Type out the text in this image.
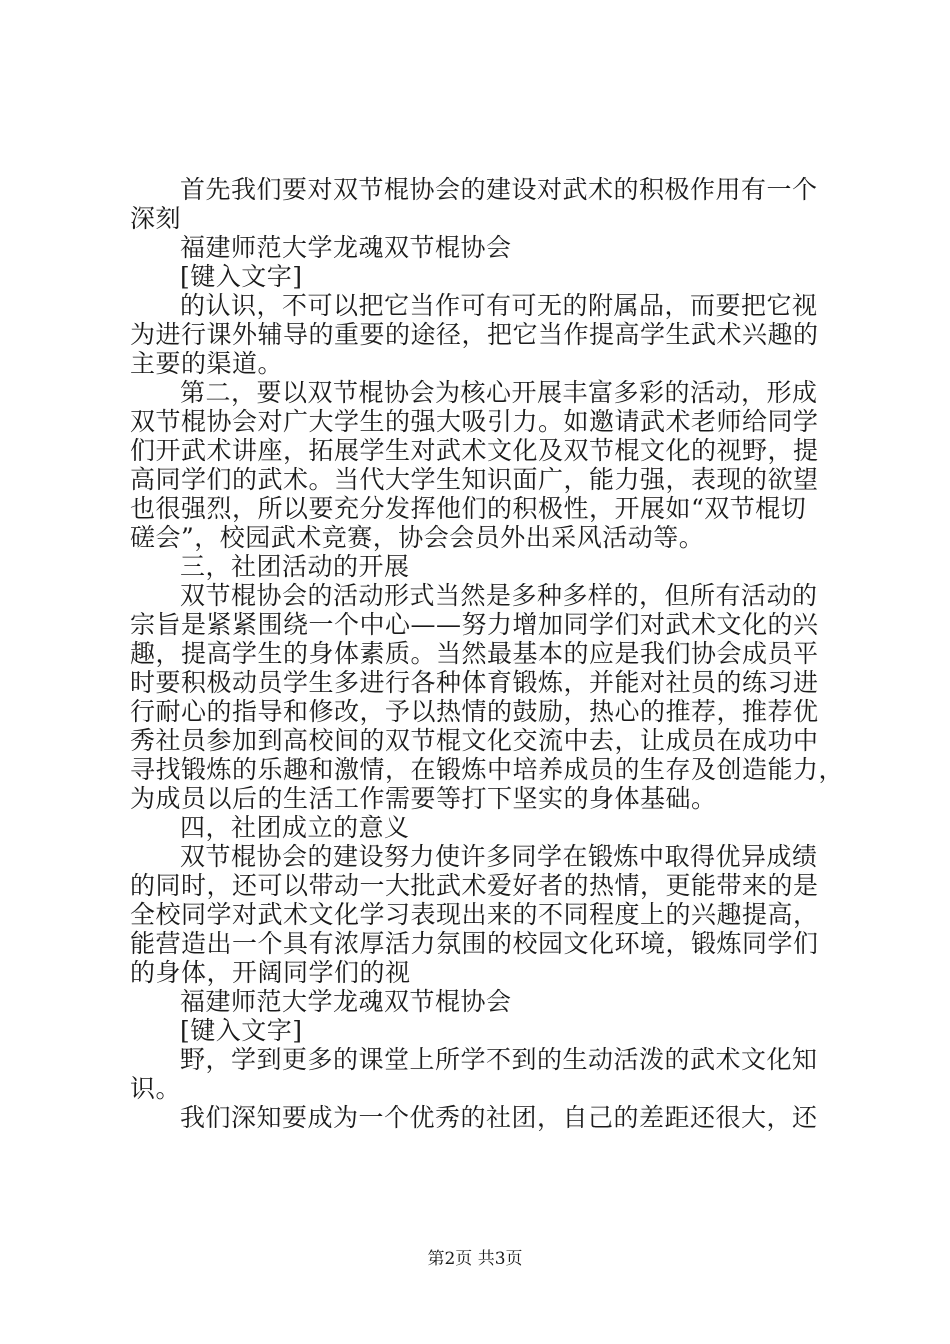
首先我们要对双节棍协会的建设对武术的积极作用有一个
深刻
福建师范大学龙魂双节棍协会
[键入文字]
的认识，不可以把它当作可有可无的附属品，而要把它视
为进行课外辅导的重要的途径，把它当作提高学生武术兴趣的
主要的渠道。
第二，要以双节棍协会为核心开展丰富多彩的活动，形成
双节棍协会对广大学生的强大吸引力。如邀请武术老师给同学
们开武术讲座，拓展学生对武术文化及双节棍文化的视野，提
高同学们的武术。当代大学生知识面广，能力强，表现的欲望
也很强烈，所以要充分发挥他们的积极性，开展如“双节棍切
磋会”，校园武术竞赛，协会会员外出采风活动等。
三，社团活动的开展
双节棍协会的活动形式当然是多种多样的，但所有活动的
宗旨是紧紧围绕一个中心——努力增加同学们对武术文化的兴
趣，提高学生的身体素质。当然最基本的应是我们协会成员平
时要积极动员学生多进行各种体育锻炼，并能对社员的练习进
行耐心的指导和修改，予以热情的鼓励，热心的推荐，推荐优
秀社员参加到高校间的双节棍文化交流中去，让成员在成功中
寻找锻炼的乐趣和激情，在锻炼中培养成员的生存及创造能力，
为成员以后的生活工作需要等打下坚实的身体基础。
四，社团成立的意义
双节棍协会的建设努力使许多同学在锻炼中取得优异成绩
的同时，还可以带动一大批武术爱好者的热情，更能带来的是
全校同学对武术文化学习表现出来的不同程度上的兴趣提高，
能营造出一个具有浓厚活力氛围的校园文化环境，锻炼同学们
的身体，开阔同学们的视
福建师范大学龙魂双节棍协会
[键入文字]
野，学到更多的课堂上所学不到的生动活泼的武术文化知
识。
我们深知要成为一个优秀的社团，自己的差距还很大，还
第2页 共3页
